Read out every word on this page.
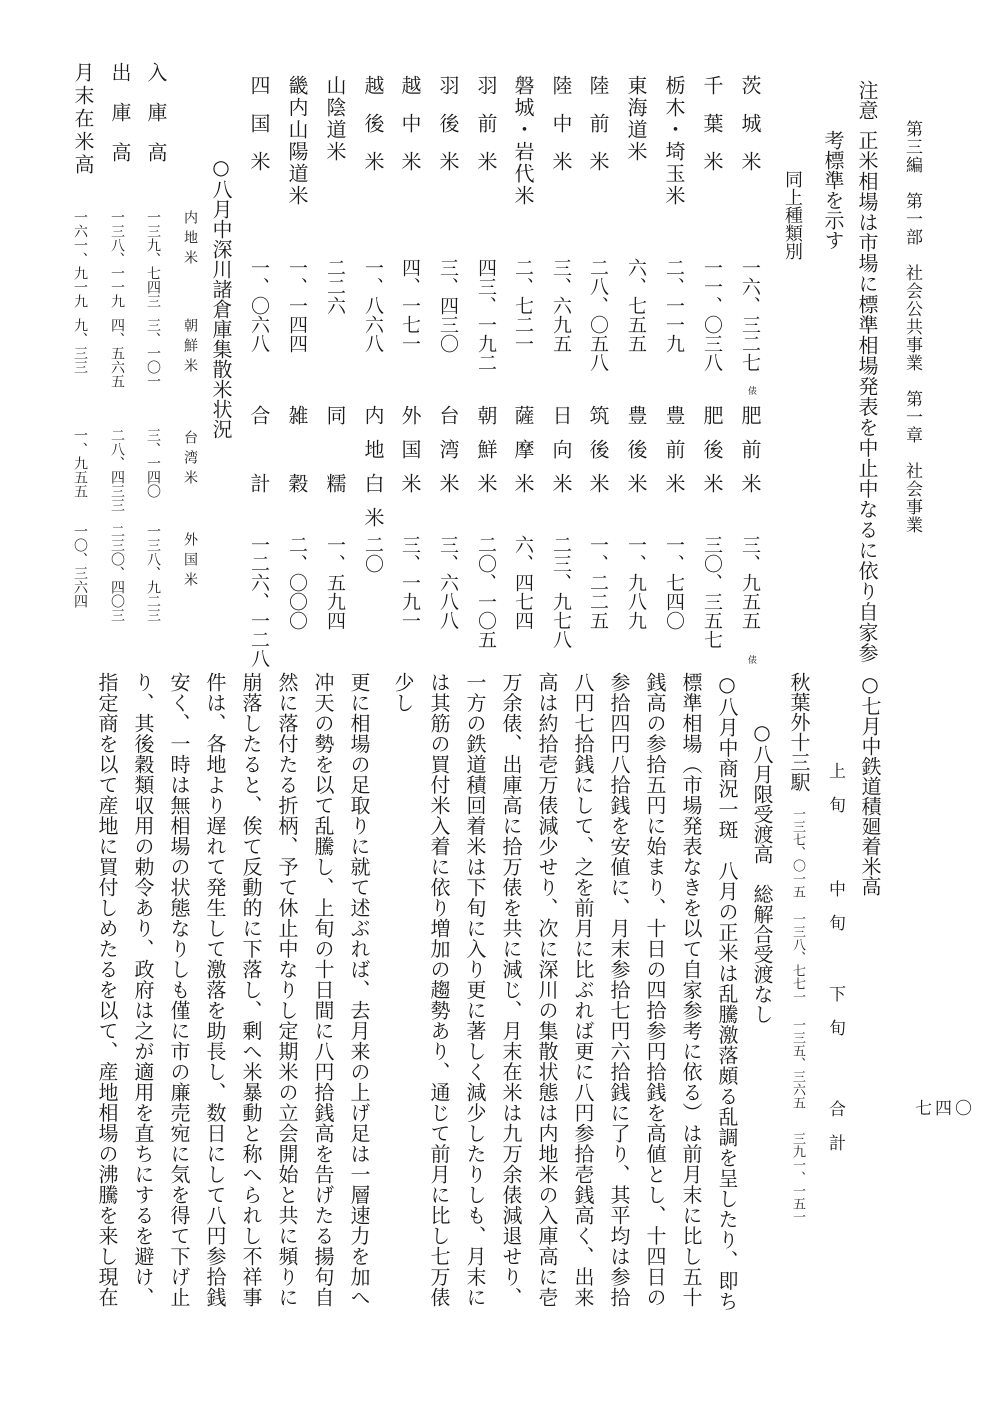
七四〇
第三編　第一部　社会公共事業　第一章　社会事業
注意
正米相場は市場に標準相場発表を中止中なるに依り自家参
考標準を示す
同上種類別
茨城米
一六、三二七
俵
肥前米
三、九五五
俵
千葉米
一一、〇三八
肥後米
三〇、三五七
栃木・埼玉米
二、一一九
豊前米
一、七四〇
東海道米
六、七五五
豊後米
一、九八九
陸前米
二八、〇五八
筑後米
一、二二五
陸中米
三、六九五
日向米
二三、九七八
磐城・岩代米
二、七二一
薩摩米
六、四七四
羽前米
四三、一九二
朝鮮米
二〇、一〇五
羽後米
三、四三〇
台湾米
三、六八八
越中米
四、一七一
外国米
三、一九一
越後米
一、八六八
内地白米
二〇
山陰道米
二二六
同　糯
一、五九四
畿内山陽道米
一、一四四
雑　穀
二、〇〇〇
四国米
一、〇六八
合　計
一二六、一二八
○八月中深川諸倉庫集散米状況
内地米
朝鮮米
台湾米
外国米
入庫高
一三九、七四三
三、一〇一
三、一四〇
一三八、九二三
出庫高
一三八、一一九
四、五六五
二八、四三三
二三〇、四〇三
月末在米高
一六一、九一九
九、三三
一、九五五
一〇、三六四
○七月中鉄道積廻着米高
上　旬
中　旬
下　旬
合　計
秋葉外十三駅
一三七、〇一五
一三八、七七一
一三五、三六五
三九一、一五一
○八月限受渡高　総解合受渡なし
○八月中商況一斑　八月の正米は乱騰激落頗る乱調を呈したり、即ち
標準相場（市場発表なきを以て自家参考に依る）は前月末に比し五十
銭高の参拾五円に始まり、十日の四拾参円拾銭を高値とし、十四日の
参拾四円八拾銭を安値に、月末参拾七円六拾銭に了り、其平均は参拾
八円七拾銭にして、之を前月に比ぶれば更に八円参拾壱銭高く、出来
高は約拾壱万俵減少せり、次に深川の集散状態は内地米の入庫高に壱
万余俵、出庫高に拾万俵を共に減じ、月末在米は九万余俵減退せり、
一方の鉄道積回着米は下旬に入り更に著しく減少したりしも、月末に
は其筋の買付米入着に依り増加の趨勢あり、通じて前月に比し七万俵
少し
更に相場の足取りに就て述ぶれば、去月来の上げ足は一層速力を加へ
冲天の勢を以て乱騰し、上旬の十日間に八円拾銭高を告げたる揚句自
然に落付たる折柄、予て休止中なりし定期米の立会開始と共に頻りに
崩落したると、俟て反動的に下落し、剰へ米暴動と称へられし不祥事
件は、各地より遅れて発生して激落を助長し、数日にして八円参拾銭
安く、一時は無相場の状態なりしも僅に市の廉売宛に気を得て下げ止
り、其後穀類収用の勅令あり、政府は之が適用を直ちにするを避け、
指定商を以て産地に買付しめたるを以て、産地相場の沸騰を来し現在
